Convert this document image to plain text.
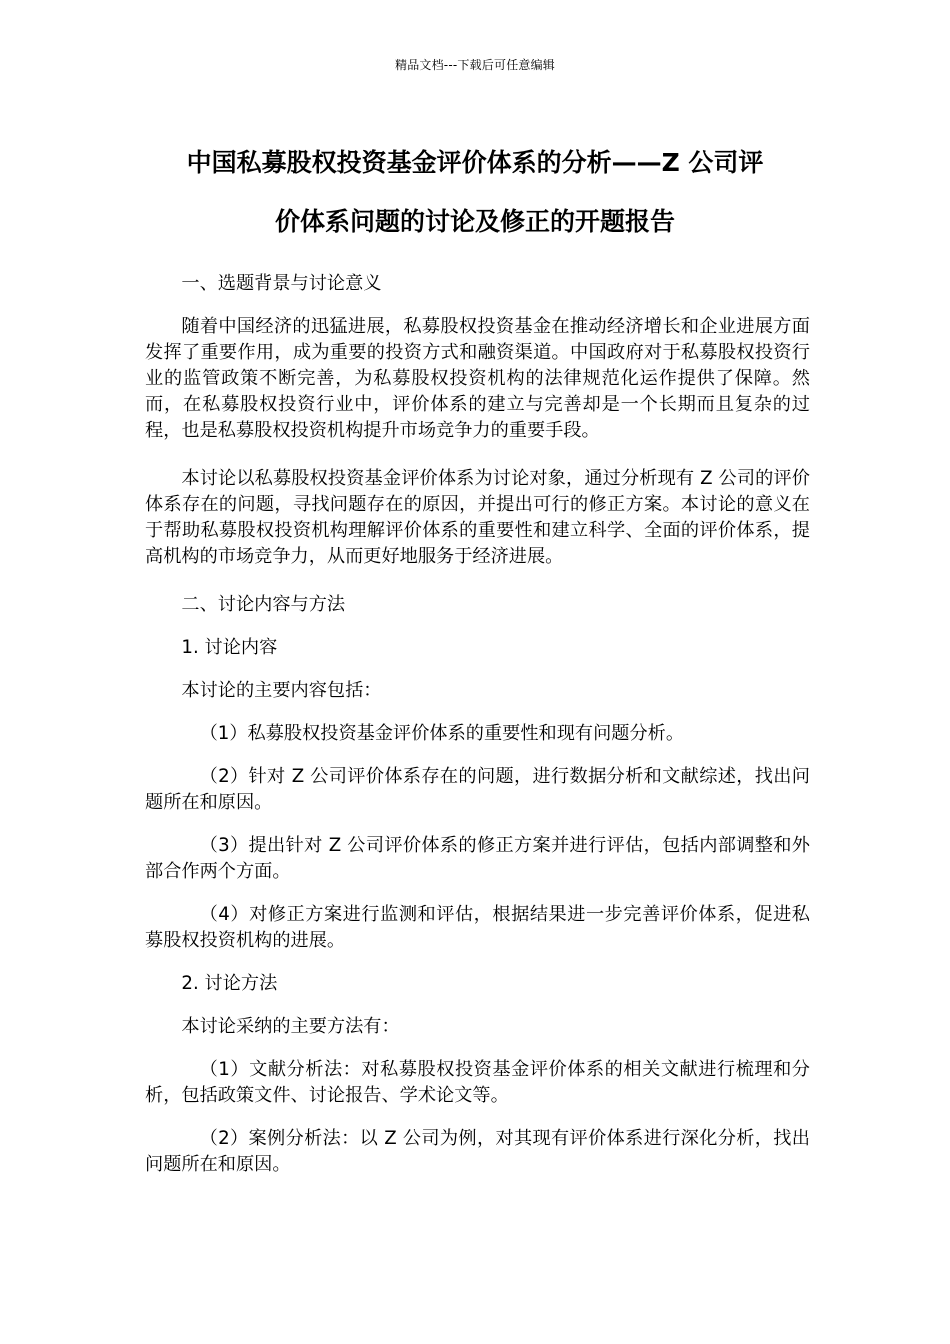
精品文档---下载后可任意编辑
中国私募股权投资基金评价体系的分析——Z 公司评
价体系问题的讨论及修正的开题报告

一、选题背景与讨论意义

随着中国经济的迅猛进展，私募股权投资基金在推动经济增长和企业进展方面发挥了重要作用，成为重要的投资方式和融资渠道。中国政府对于私募股权投资行业的监管政策不断完善，为私募股权投资机构的法律规范化运作提供了保障。然而，在私募股权投资行业中，评价体系的建立与完善却是一个长期而且复杂的过程，也是私募股权投资机构提升市场竞争力的重要手段。

本讨论以私募股权投资基金评价体系为讨论对象，通过分析现有 Z 公司的评价体系存在的问题，寻找问题存在的原因，并提出可行的修正方案。本讨论的意义在于帮助私募股权投资机构理解评价体系的重要性和建立科学、全面的评价体系，提高机构的市场竞争力，从而更好地服务于经济进展。

二、讨论内容与方法

1. 讨论内容

本讨论的主要内容包括：

（1）私募股权投资基金评价体系的重要性和现有问题分析。

（2）针对 Z 公司评价体系存在的问题，进行数据分析和文献综述，找出问题所在和原因。

（3）提出针对 Z 公司评价体系的修正方案并进行评估，包括内部调整和外部合作两个方面。

（4）对修正方案进行监测和评估，根据结果进一步完善评价体系，促进私募股权投资机构的进展。

2. 讨论方法

本讨论采纳的主要方法有：

（1）文献分析法：对私募股权投资基金评价体系的相关文献进行梳理和分析，包括政策文件、讨论报告、学术论文等。

（2）案例分析法：以 Z 公司为例，对其现有评价体系进行深化分析，找出问题所在和原因。
